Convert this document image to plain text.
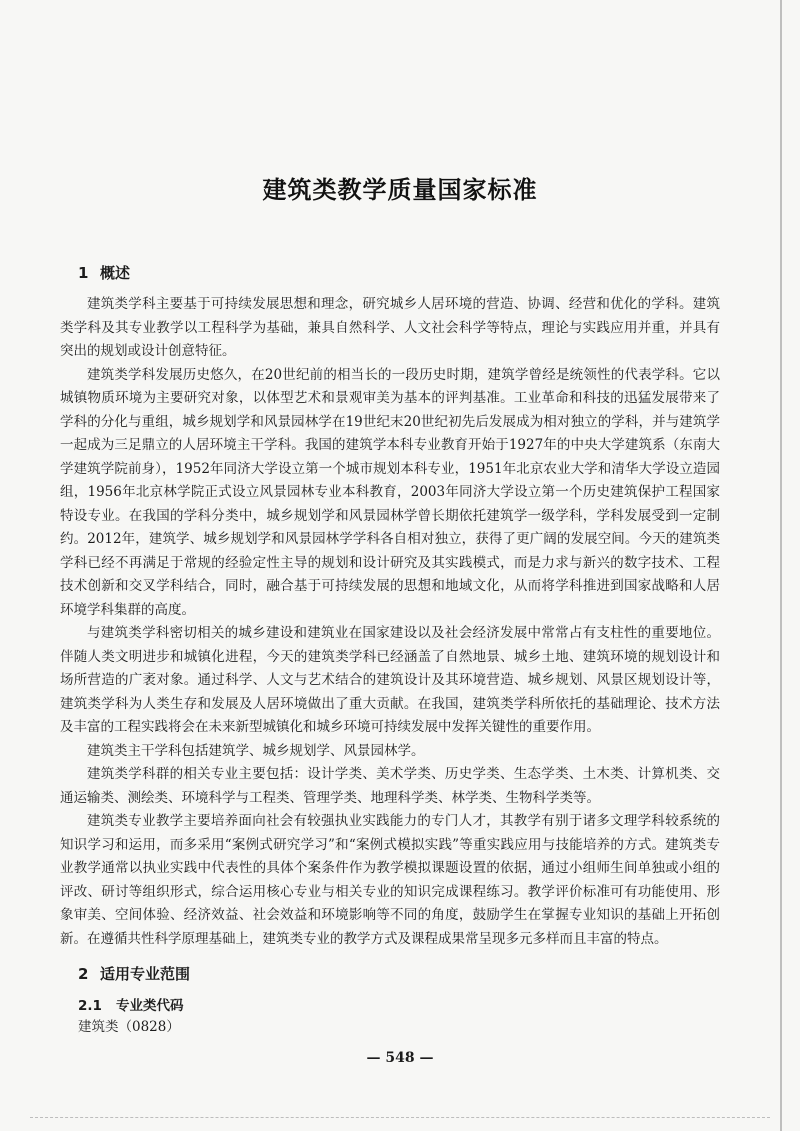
建筑类教学质量国家标准
1 概述

建筑类学科主要基于可持续发展思想和理念，研究城乡人居环境的营造、协调、经营和优化的学科。建筑类学科及其专业教学以工程科学为基础，兼具自然科学、人文社会科学等特点，理论与实践应用并重，并具有突出的规划或设计创意特征。

建筑类学科发展历史悠久，在20世纪前的相当长的一段历史时期，建筑学曾经是统领性的代表学科。它以城镇物质环境为主要研究对象，以体型艺术和景观审美为基本的评判基准。工业革命和科技的迅猛发展带来了学科的分化与重组，城乡规划学和风景园林学在19世纪末20世纪初先后发展成为相对独立的学科，并与建筑学一起成为三足鼎立的人居环境主干学科。我国的建筑学本科专业教育开始于1927年的中央大学建筑系（东南大学建筑学院前身），1952年同济大学设立第一个城市规划本科专业，1951年北京农业大学和清华大学设立造园组，1956年北京林学院正式设立风景园林专业本科教育，2003年同济大学设立第一个历史建筑保护工程国家特设专业。在我国的学科分类中，城乡规划学和风景园林学曾长期依托建筑学一级学科，学科发展受到一定制约。2012年，建筑学、城乡规划学和风景园林学学科各自相对独立，获得了更广阔的发展空间。今天的建筑类学科已经不再满足于常规的经验定性主导的规划和设计研究及其实践模式，而是力求与新兴的数字技术、工程技术创新和交叉学科结合，同时，融合基于可持续发展的思想和地域文化，从而将学科推进到国家战略和人居环境学科集群的高度。

与建筑类学科密切相关的城乡建设和建筑业在国家建设以及社会经济发展中常常占有支柱性的重要地位。伴随人类文明进步和城镇化进程，今天的建筑类学科已经涵盖了自然地景、城乡土地、建筑环境的规划设计和场所营造的广袤对象。通过科学、人文与艺术结合的建筑设计及其环境营造、城乡规划、风景区规划设计等，建筑类学科为人类生存和发展及人居环境做出了重大贡献。在我国，建筑类学科所依托的基础理论、技术方法及丰富的工程实践将会在未来新型城镇化和城乡环境可持续发展中发挥关键性的重要作用。

建筑类主干学科包括建筑学、城乡规划学、风景园林学。

建筑类学科群的相关专业主要包括：设计学类、美术学类、历史学类、生态学类、土木类、计算机类、交通运输类、测绘类、环境科学与工程类、管理学类、地理科学类、林学类、生物科学类等。

建筑类专业教学主要培养面向社会有较强执业实践能力的专门人才，其教学有别于诸多文理学科较系统的知识学习和运用，而多采用“案例式研究学习”和“案例式模拟实践”等重实践应用与技能培养的方式。建筑类专业教学通常以执业实践中代表性的具体个案条件作为教学模拟课题设置的依据，通过小组师生间单独或小组的评改、研讨等组织形式，综合运用核心专业与相关专业的知识完成课程练习。教学评价标准可有功能使用、形象审美、空间体验、经济效益、社会效益和环境影响等不同的角度，鼓励学生在掌握专业知识的基础上开拓创新。在遵循共性科学原理基础上，建筑类专业的教学方式及课程成果常呈现多元多样而且丰富的特点。

2 适用专业范围
2.1 专业类代码

建筑类（0828）

— 548 —
